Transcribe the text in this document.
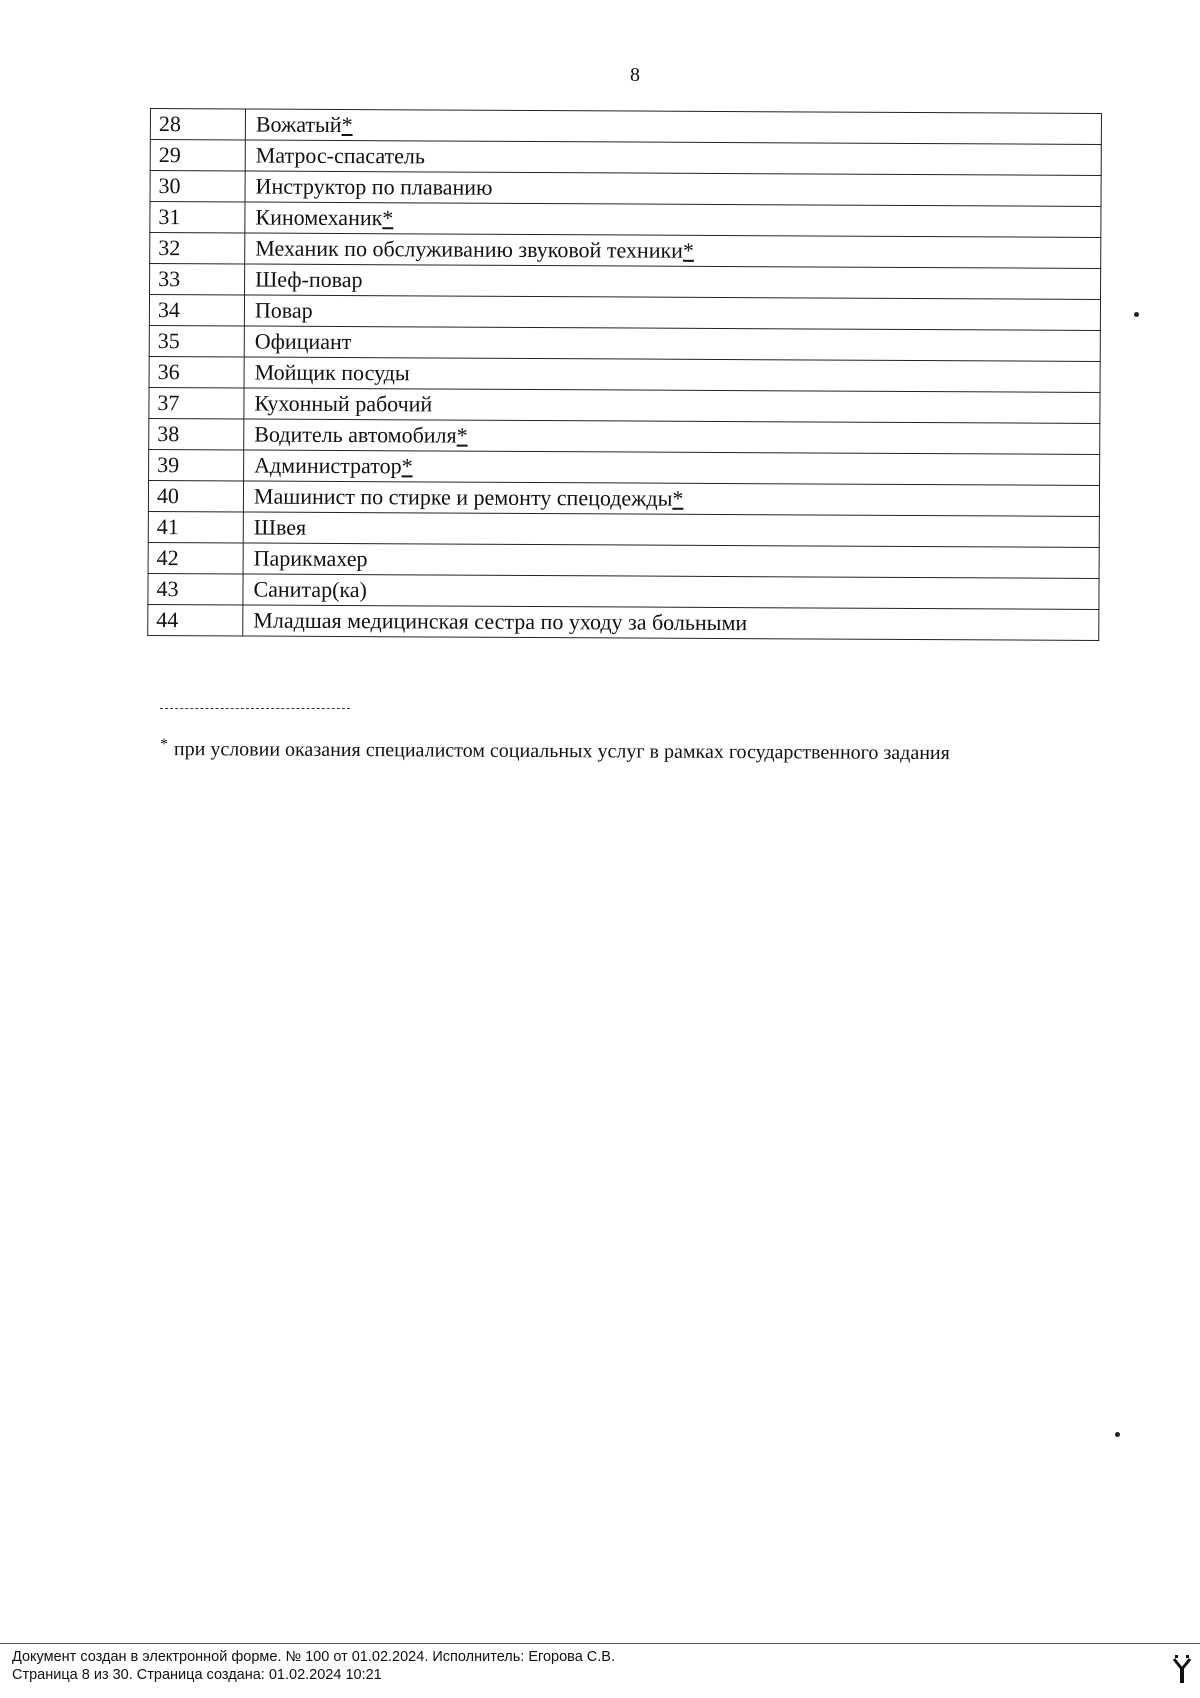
8
28	Вожатый*
29	Матрос-спасатель
30	Инструктор по плаванию
31	Киномеханик*
32	Механик по обслуживанию звуковой техники*
33	Шеф-повар
34	Повар
35	Официант
36	Мойщик посуды
37	Кухонный рабочий
38	Водитель автомобиля*
39	Администратор*
40	Машинист по стирке и ремонту спецодежды*
41	Швея
42	Парикмахер
43	Санитар(ка)
44	Младшая медицинская сестра по уходу за больными
* при условии оказания специалистом социальных услуг в рамках государственного задания
Документ создан в электронной форме. № 100 от 01.02.2024. Исполнитель: Егорова С.В.
Страница 8 из 30. Страница создана: 01.02.2024 10:21
